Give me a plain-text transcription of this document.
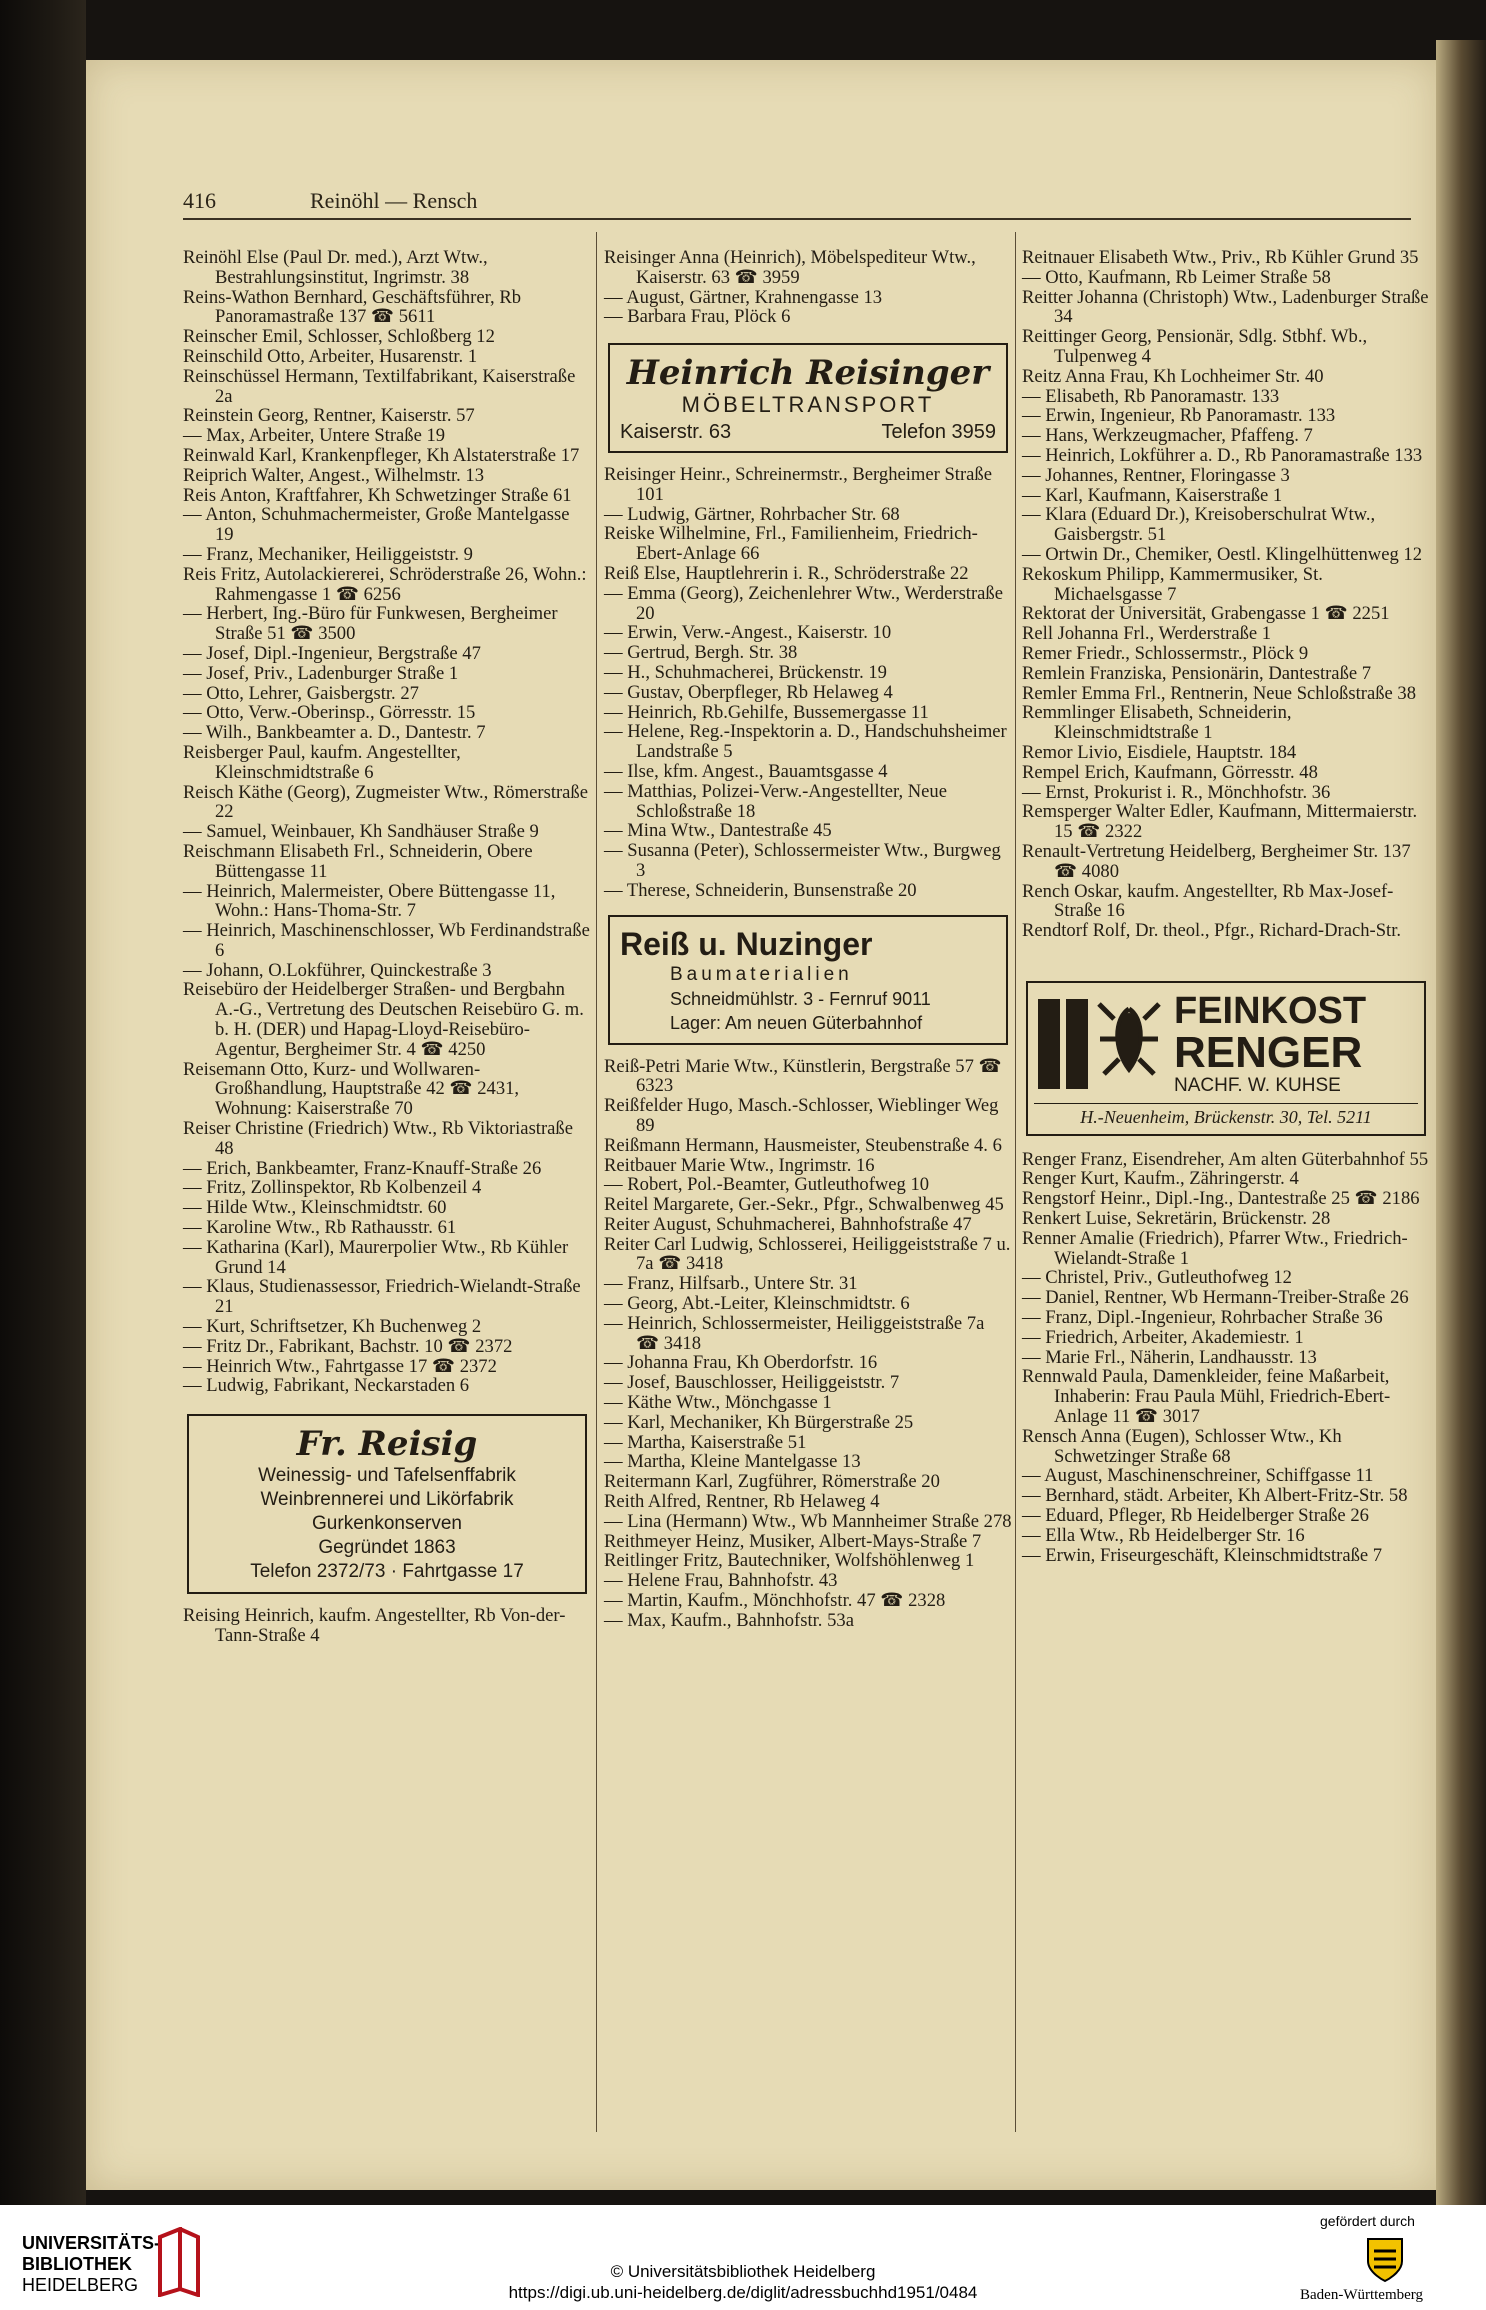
416	Reinöhl — Rensch

Reinöhl Else (Paul Dr. med.), Arzt Wtw., Bestrahlungsinstitut, Ingrimstr. 38

Reins-Wathon Bernhard, Geschäftsführer, Rb Panoramastraße 137 ☎ 5611

Reinscher Emil, Schlosser, Schloßberg 12

Reinschild Otto, Arbeiter, Husarenstr. 1

Reinschüssel Hermann, Textilfabrikant, Kaiserstraße 2a

Reinstein Georg, Rentner, Kaiserstr. 57

— Max, Arbeiter, Untere Straße 19

Reinwald Karl, Krankenpfleger, Kh Alstaterstraße 17

Reiprich Walter, Angest., Wilhelmstr. 13

Reis Anton, Kraftfahrer, Kh Schwetzinger Straße 61

— Anton, Schuhmachermeister, Große Mantelgasse 19

— Franz, Mechaniker, Heiliggeiststr. 9

Reis Fritz, Autolackiererei, Schröderstraße 26, Wohn.: Rahmengasse 1 ☎ 6256

— Herbert, Ing.-Büro für Funkwesen, Bergheimer Straße 51 ☎ 3500

— Josef, Dipl.-Ingenieur, Bergstraße 47

— Josef, Priv., Ladenburger Straße 1

— Otto, Lehrer, Gaisbergstr. 27

— Otto, Verw.-Oberinsp., Görresstr. 15

— Wilh., Bankbeamter a. D., Dantestr. 7

Reisberger Paul, kaufm. Angestellter, Kleinschmidtstraße 6

Reisch Käthe (Georg), Zugmeister Wtw., Römerstraße 22

— Samuel, Weinbauer, Kh Sandhäuser Straße 9

Reischmann Elisabeth Frl., Schneiderin, Obere Büttengasse 11

— Heinrich, Malermeister, Obere Büttengasse 11, Wohn.: Hans-Thoma-Str. 7

— Heinrich, Maschinenschlosser, Wb Ferdinandstraße 6

— Johann, O.Lokführer, Quinckestraße 3

Reisebüro der Heidelberger Straßen- und Bergbahn A.-G., Vertretung des Deutschen Reisebüro G. m. b. H. (DER) und Hapag-Lloyd-Reisebüro-Agentur, Bergheimer Str. 4 ☎ 4250

Reisemann Otto, Kurz- und Wollwaren-Großhandlung, Hauptstraße 42 ☎ 2431, Wohnung: Kaiserstraße 70

Reiser Christine (Friedrich) Wtw., Rb Viktoriastraße 48

— Erich, Bankbeamter, Franz-Knauff-Straße 26

— Fritz, Zollinspektor, Rb Kolbenzeil 4

— Hilde Wtw., Kleinschmidtstr. 60

— Karoline Wtw., Rb Rathausstr. 61

— Katharina (Karl), Maurerpolier Wtw., Rb Kühler Grund 14

— Klaus, Studienassessor, Friedrich-Wielandt-Straße 21

— Kurt, Schriftsetzer, Kh Buchenweg 2

— Fritz Dr., Fabrikant, Bachstr. 10 ☎ 2372

— Heinrich Wtw., Fahrtgasse 17 ☎ 2372

— Ludwig, Fabrikant, Neckarstaden 6

Fr. Reisig
Weinessig- und Tafelsenffabrik
Weinbrennerei und Likörfabrik
Gurkenkonserven
Gegründet 1863
Telefon 2372/73 · Fahrtgasse 17

Reising Heinrich, kaufm. Angestellter, Rb Von-der-Tann-Straße 4

Reisinger Anna (Heinrich), Möbelspediteur Wtw., Kaiserstr. 63 ☎ 3959

— August, Gärtner, Krahnengasse 13

— Barbara Frau, Plöck 6

Heinrich Reisinger
MÖBELTRANSPORT
Kaiserstr. 63	Telefon 3959

Reisinger Heinr., Schreinermstr., Bergheimer Straße 101

— Ludwig, Gärtner, Rohrbacher Str. 68

Reiske Wilhelmine, Frl., Familienheim, Friedrich-Ebert-Anlage 66

Reiß Else, Hauptlehrerin i. R., Schröderstraße 22

— Emma (Georg), Zeichenlehrer Wtw., Werderstraße 20

— Erwin, Verw.-Angest., Kaiserstr. 10

— Gertrud, Bergh. Str. 38

— H., Schuhmacherei, Brückenstr. 19

— Gustav, Oberpfleger, Rb Helaweg 4

— Heinrich, Rb.Gehilfe, Bussemergasse 11

— Helene, Reg.-Inspektorin a. D., Handschuhsheimer Landstraße 5

— Ilse, kfm. Angest., Bauamtsgasse 4

— Matthias, Polizei-Verw.-Angestellter, Neue Schloßstraße 18

— Mina Wtw., Dantestraße 45

— Susanna (Peter), Schlossermeister Wtw., Burgweg 3

— Therese, Schneiderin, Bunsenstraße 20

Reiß u. Nuzinger
Baumaterialien
Schneidmühlstr. 3 - Fernruf 9011
Lager: Am neuen Güterbahnhof

Reiß-Petri Marie Wtw., Künstlerin, Bergstraße 57 ☎ 6323

Reißfelder Hugo, Masch.-Schlosser, Wieblinger Weg 89

Reißmann Hermann, Hausmeister, Steubenstraße 4. 6

Reitbauer Marie Wtw., Ingrimstr. 16

— Robert, Pol.-Beamter, Gutleuthofweg 10

Reitel Margarete, Ger.-Sekr., Pfgr., Schwalbenweg 45

Reiter August, Schuhmacherei, Bahnhofstraße 47

Reiter Carl Ludwig, Schlosserei, Heiliggeiststraße 7 u. 7a ☎ 3418

— Franz, Hilfsarb., Untere Str. 31

— Georg, Abt.-Leiter, Kleinschmidtstr. 6

— Heinrich, Schlossermeister, Heiliggeiststraße 7a ☎ 3418

— Johanna Frau, Kh Oberdorfstr. 16

— Josef, Bauschlosser, Heiliggeiststr. 7

— Käthe Wtw., Mönchgasse 1

— Karl, Mechaniker, Kh Bürgerstraße 25

— Martha, Kaiserstraße 51

— Martha, Kleine Mantelgasse 13

Reitermann Karl, Zugführer, Römerstraße 20

Reith Alfred, Rentner, Rb Helaweg 4

— Lina (Hermann) Wtw., Wb Mannheimer Straße 278

Reithmeyer Heinz, Musiker, Albert-Mays-Straße 7

Reitlinger Fritz, Bautechniker, Wolfshöhlenweg 1

— Helene Frau, Bahnhofstr. 43

— Martin, Kaufm., Mönchhofstr. 47 ☎ 2328

— Max, Kaufm., Bahnhofstr. 53a

Reitnauer Elisabeth Wtw., Priv., Rb Kühler Grund 35

— Otto, Kaufmann, Rb Leimer Straße 58

Reitter Johanna (Christoph) Wtw., Ladenburger Straße 34

Reittinger Georg, Pensionär, Sdlg. Stbhf. Wb., Tulpenweg 4

Reitz Anna Frau, Kh Lochheimer Str. 40

— Elisabeth, Rb Panoramastr. 133

— Erwin, Ingenieur, Rb Panoramastr. 133

— Hans, Werkzeugmacher, Pfaffeng. 7

— Heinrich, Lokführer a. D., Rb Panoramastraße 133

— Johannes, Rentner, Floringasse 3

— Karl, Kaufmann, Kaiserstraße 1

— Klara (Eduard Dr.), Kreisoberschulrat Wtw., Gaisbergstr. 51

— Ortwin Dr., Chemiker, Oestl. Klingelhüttenweg 12

Rekoskum Philipp, Kammermusiker, St. Michaelsgasse 7

Rektorat der Universität, Grabengasse 1 ☎ 2251

Rell Johanna Frl., Werderstraße 1

Remer Friedr., Schlossermstr., Plöck 9

Remlein Franziska, Pensionärin, Dantestraße 7

Remler Emma Frl., Rentnerin, Neue Schloßstraße 38

Remmlinger Elisabeth, Schneiderin, Kleinschmidtstraße 1

Remor Livio, Eisdiele, Hauptstr. 184

Rempel Erich, Kaufmann, Görresstr. 48

— Ernst, Prokurist i. R., Mönchhofstr. 36

Remsperger Walter Edler, Kaufmann, Mittermaierstr. 15 ☎ 2322

Renault-Vertretung Heidelberg, Bergheimer Str. 137 ☎ 4080

Rench Oskar, kaufm. Angestellter, Rb Max-Josef-Straße 16

Rendtorf Rolf, Dr. theol., Pfgr., Richard-Drach-Str.

FEINKOST
RENGER
NACHF. W. KUHSE
H.-Neuenheim, Brückenstr. 30, Tel. 5211

Renger Franz, Eisendreher, Am alten Güterbahnhof 55

Renger Kurt, Kaufm., Zähringerstr. 4

Rengstorf Heinr., Dipl.-Ing., Dantestraße 25 ☎ 2186

Renkert Luise, Sekretärin, Brückenstr. 28

Renner Amalie (Friedrich), Pfarrer Wtw., Friedrich-Wielandt-Straße 1

— Christel, Priv., Gutleuthofweg 12

— Daniel, Rentner, Wb Hermann-Treiber-Straße 26

— Franz, Dipl.-Ingenieur, Rohrbacher Straße 36

— Friedrich, Arbeiter, Akademiestr. 1

— Marie Frl., Näherin, Landhausstr. 13

Rennwald Paula, Damenkleider, feine Maßarbeit, Inhaberin: Frau Paula Mühl, Friedrich-Ebert-Anlage 11 ☎ 3017

Rensch Anna (Eugen), Schlosser Wtw., Kh Schwetzinger Straße 68

— August, Maschinenschreiner, Schiffgasse 11

— Bernhard, städt. Arbeiter, Kh Albert-Fritz-Str. 58

— Eduard, Pfleger, Rb Heidelberger Straße 26

— Ella Wtw., Rb Heidelberger Str. 16

— Erwin, Friseurgeschäft, Kleinschmidtstraße 7

UNIVERSITÄTS-
BIBLIOTHEK
HEIDELBERG
© Universitätsbibliothek Heidelberg
https://digi.ub.uni-heidelberg.de/diglit/adressbuchhd1951/0484
gefördert durch
Baden-Württemberg
